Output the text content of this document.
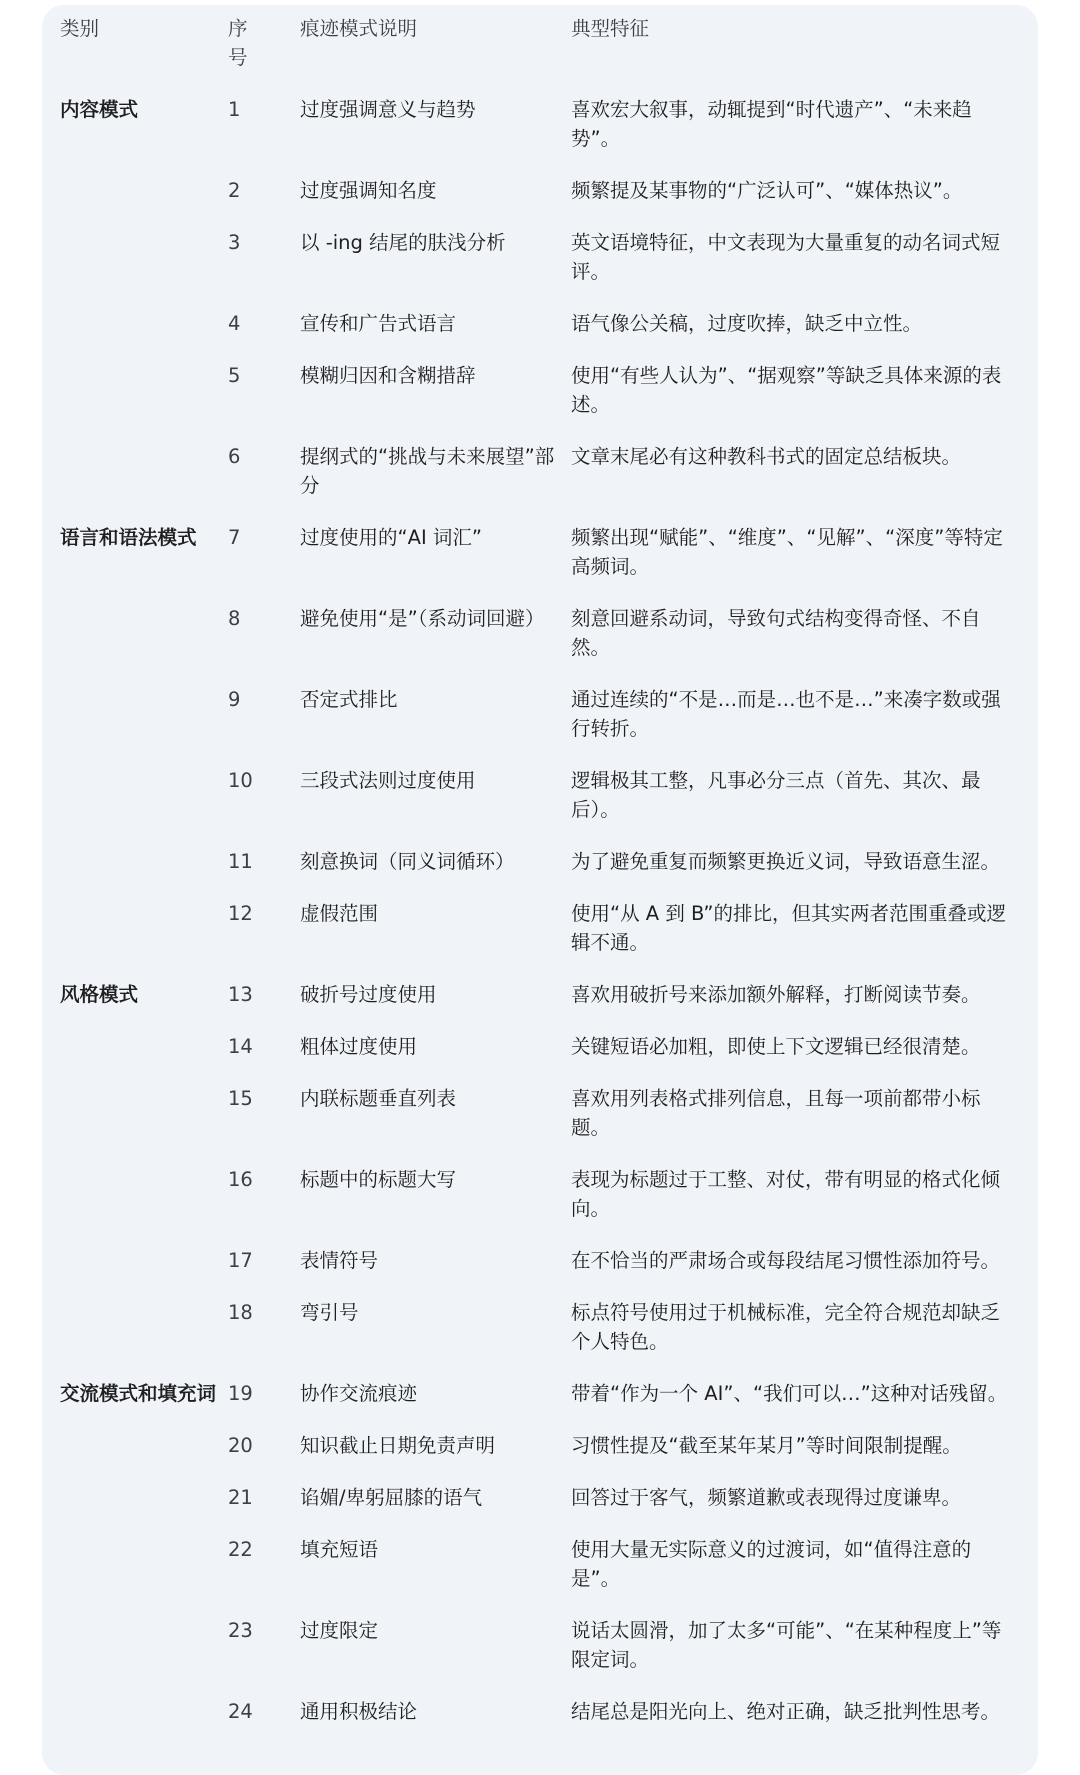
类别	序号	痕迹模式说明	典型特征
内容模式	1	过度强调意义与趋势	喜欢宏大叙事，动辄提到“时代遗产”、“未来趋势”。
	2	过度强调知名度	频繁提及某事物的“广泛认可”、“媒体热议”。
	3	以 -ing 结尾的肤浅分析	英文语境特征，中文表现为大量重复的动名词式短评。
	4	宣传和广告式语言	语气像公关稿，过度吹捧，缺乏中立性。
	5	模糊归因和含糊措辞	使用“有些人认为”、“据观察”等缺乏具体来源的表述。
	6	提纲式的“挑战与未来展望”部分	文章末尾必有这种教科书式的固定总结板块。
语言和语法模式	7	过度使用的“AI 词汇”	频繁出现“赋能”、“维度”、“见解”、“深度”等特定高频词。
	8	避免使用“是”（系动词回避）	刻意回避系动词，导致句式结构变得奇怪、不自然。
	9	否定式排比	通过连续的“不是…而是…也不是…”来凑字数或强行转折。
	10	三段式法则过度使用	逻辑极其工整，凡事必分三点（首先、其次、最后）。
	11	刻意换词（同义词循环）	为了避免重复而频繁更换近义词，导致语意生涩。
	12	虚假范围	使用“从 A 到 B”的排比，但其实两者范围重叠或逻辑不通。
风格模式	13	破折号过度使用	喜欢用破折号来添加额外解释，打断阅读节奏。
	14	粗体过度使用	关键短语必加粗，即使上下文逻辑已经很清楚。
	15	内联标题垂直列表	喜欢用列表格式排列信息，且每一项前都带小标题。
	16	标题中的标题大写	表现为标题过于工整、对仗，带有明显的格式化倾向。
	17	表情符号	在不恰当的严肃场合或每段结尾习惯性添加符号。
	18	弯引号	标点符号使用过于机械标准，完全符合规范却缺乏个人特色。
交流模式和填充词	19	协作交流痕迹	带着“作为一个 AI”、“我们可以…”这种对话残留。
	20	知识截止日期免责声明	习惯性提及“截至某年某月”等时间限制提醒。
	21	谄媚/卑躬屈膝的语气	回答过于客气，频繁道歉或表现得过度谦卑。
	22	填充短语	使用大量无实际意义的过渡词，如“值得注意的是”。
	23	过度限定	说话太圆滑，加了太多“可能”、“在某种程度上”等限定词。
	24	通用积极结论	结尾总是阳光向上、绝对正确，缺乏批判性思考。
